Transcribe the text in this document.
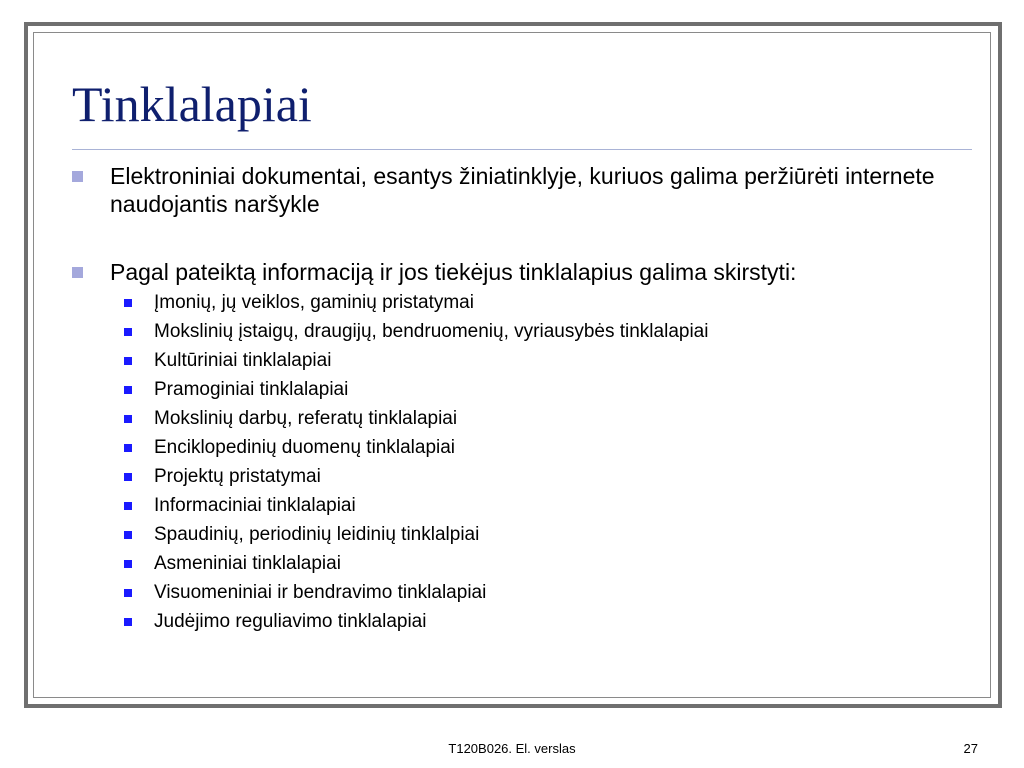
Tinklalapiai
Elektroniniai dokumentai, esantys žiniatinklyje, kuriuos galima peržiūrėti internete naudojantis naršykle
Pagal pateiktą informaciją ir jos tiekėjus tinklalapius galima skirstyti:
Įmonių, jų veiklos, gaminių pristatymai
Mokslinių įstaigų, draugijų, bendruomenių, vyriausybės tinklalapiai
Kultūriniai tinklalapiai
Pramoginiai tinklalapiai
Mokslinių darbų, referatų tinklalapiai
Enciklopedinių duomenų tinklalapiai
Projektų pristatymai
Informaciniai tinklalapiai
Spaudinių, periodinių leidinių tinklalpiai
Asmeniniai tinklalapiai
Visuomeniniai ir bendravimo tinklalapiai
Judėjimo reguliavimo tinklalapiai
T120B026. El. verslas	27
